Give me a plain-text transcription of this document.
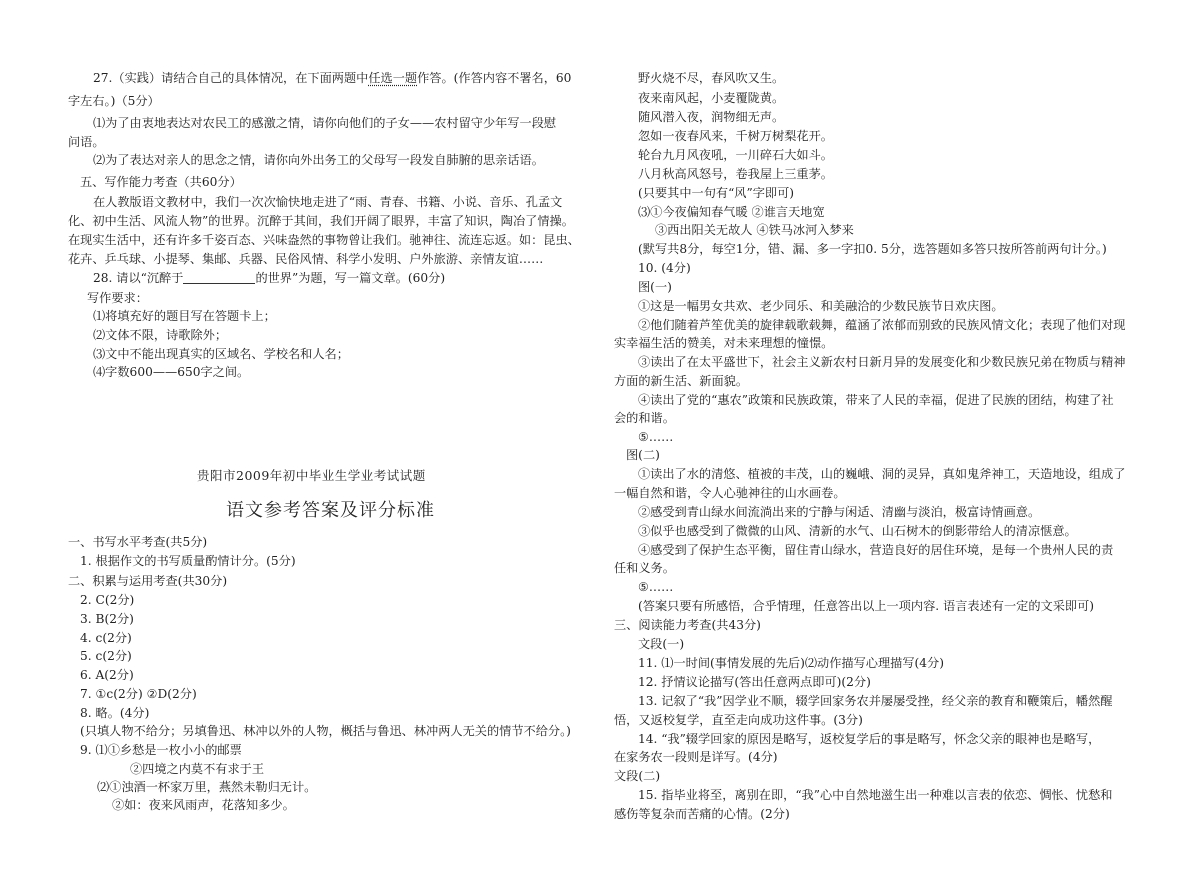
27.（实践）请结合自己的具体情况，在下面两题中任选一题作答。(作答内容不署名，60
字左右。)（5分）
⑴为了由衷地表达对农民工的感激之情，请你向他们的子女——农村留守少年写一段慰
问语。
⑵为了表达对亲人的思念之情，请你向外出务工的父母写一段发自肺腑的思亲话语。
五、写作能力考查（共60分）
在人教版语文教材中，我们一次次愉快地走进了“雨、青春、书籍、小说、音乐、孔孟文
化、初中生活、风流人物”的世界。沉醉于其间，我们开阔了眼界，丰富了知识，陶冶了情操。
在现实生活中，还有许多千姿百态、兴味盎然的事物曾让我们。驰神往、流连忘返。如：昆虫、
花卉、乒乓球、小提琴、集邮、兵器、民俗风情、科学小发明、户外旅游、亲情友谊……
28. 请以“沉醉于	的世界”为题，写一篇文章。(60分)
写作要求：
⑴将填充好的题目写在答题卡上；
⑵文体不限，诗歌除外；
⑶文中不能出现真实的区域名、学校名和人名；
⑷字数600——650字之间。
贵阳市2009年初中毕业生学业考试试题
语文参考答案及评分标准
一、书写水平考查(共5分)
1. 根据作文的书写质量酌情计分。(5分)
二、积累与运用考查(共30分)
2. C(2分)
3. B(2分)
4. c(2分)
5. c(2分)
6. A(2分)
7. ①c(2分) ②D(2分)
8. 略。(4分)
(只填人物不给分；另填鲁迅、林冲以外的人物，概括与鲁迅、林冲两人无关的情节不给分。)
9. ⑴①乡愁是一枚小小的邮票
②四境之内莫不有求于王
⑵①浊酒一杯家万里，燕然未勒归无计。
②如：夜来风雨声，花落知多少。
野火烧不尽，春风吹又生。
夜来南风起，小麦覆陇黄。
随风潜入夜，润物细无声。
忽如一夜春风来，千树万树梨花开。
轮台九月风夜吼，一川碎石大如斗。
八月秋高风怒号，卷我屋上三重茅。
(只要其中一句有“风”字即可)
⑶①今夜偏知春气暖 ②谁言天地宽
③西出阳关无故人 ④铁马冰河入梦来
(默写共8分，每空1分，错、漏、多一字扣0. 5分，选答题如多答只按所答前两句计分。)
10. (4分)
图(一)
①这是一幅男女共欢、老少同乐、和美融洽的少数民族节日欢庆图。
②他们随着芦笙优美的旋律载歌载舞，蕴涵了浓郁而别致的民族风情文化；表现了他们对现
实幸福生活的赞美，对未来理想的憧憬。
③读出了在太平盛世下，社会主义新农村日新月异的发展变化和少数民族兄弟在物质与精神
方面的新生活、新面貌。
④读出了党的“惠农”政策和民族政策，带来了人民的幸福，促进了民族的团结，构建了社
会的和谐。
⑤……
图(二)
①读出了水的清悠、植被的丰茂，山的巍峨、洞的灵异，真如鬼斧神工，天造地设，组成了
一幅自然和谐，令人心驰神往的山水画卷。
②感受到青山绿水间流淌出来的宁静与闲适、清幽与淡泊，极富诗情画意。
③似乎也感受到了微微的山风、清新的水气、山石树木的倒影带给人的清凉惬意。
④感受到了保护生态平衡，留住青山绿水，营造良好的居住环境，是每一个贵州人民的责
任和义务。
⑤……
(答案只要有所感悟，合乎情理，任意答出以上一项内容. 语言表述有一定的文采即可)
三、阅读能力考查(共43分)
文段(一)
11. ⑴一时间(事情发展的先后)⑵动作描写心理描写(4分)
12. 抒情议论描写(答出任意两点即可)(2分)
13. 记叙了“我”因学业不顺，辍学回家务农并屡屡受挫，经父亲的教育和鞭策后，幡然醒
悟，又返校复学，直至走向成功这件事。(3分)
14. “我”辍学回家的原因是略写，返校复学后的事是略写，怀念父亲的眼神也是略写，
在家务农一段则是详写。(4分)
文段(二)
15. 指毕业将至，离别在即，“我”心中自然地滋生出一种难以言表的依恋、惆怅、忧愁和
感伤等复杂而苦痛的心情。(2分)
